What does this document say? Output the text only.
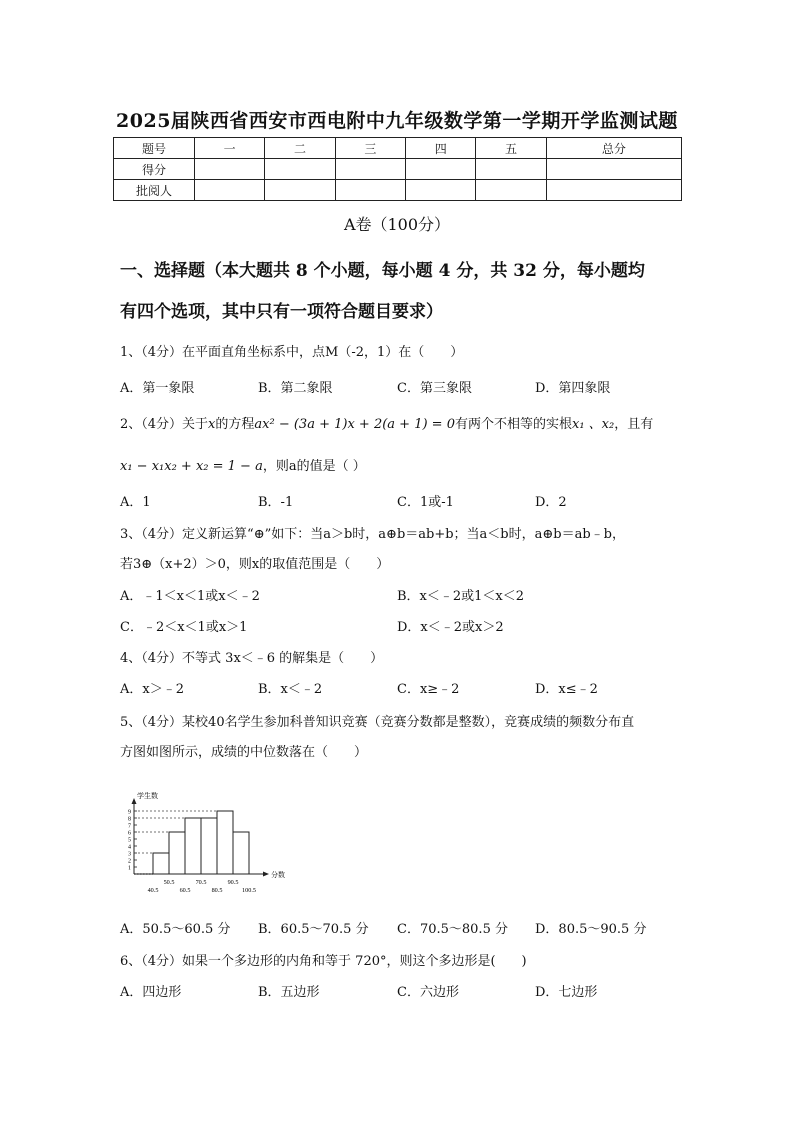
2025届陕西省西安市西电附中九年级数学第一学期开学监测试题
题号	一	二	三	四	五	总分
得分						
批阅人						
A卷（100分）
一、选择题（本大题共 8 个小题，每小题 4 分，共 32 分，每小题均
有四个选项，其中只有一项符合题目要求）
1、（4分）在平面直角坐标系中，点M（-2，1）在（　　）
A．第一象限	B．第二象限	C．第三象限	D．第四象限
2、（4分）关于x的方程ax² − (3a + 1)x + 2(a + 1) = 0有两个不相等的实根x₁ 、x₂，且有
x₁ − x₁x₂ + x₂ = 1 − a，则a的值是（ ）
A．1	B．-1	C．1或-1	D．2
3、（4分）定义新运算“⊕”如下：当a＞b时，a⊕b＝ab+b；当a＜b时，a⊕b＝ab﹣b，
若3⊕（x+2）＞0，则x的取值范围是（　　）
A．﹣1＜x＜1或x＜﹣2	B．x＜﹣2或1＜x＜2
C．﹣2＜x＜1或x＞1	D．x＜﹣2或x＞2
4、（4分）不等式 3x＜﹣6 的解集是（　　）
A．x＞﹣2	B．x＜﹣2	C．x≥﹣2	D．x≤﹣2
5、（4分）某校40名学生参加科普知识竞赛（竞赛分数都是整数），竞赛成绩的频数分布直
方图如图所示，成绩的中位数落在（　　）
学生数
分数
1
2
3
4
5
6
7
8
9
40.5
50.5
60.5
70.5
80.5
90.5
100.5
A．50.5～60.5 分 B．60.5～70.5 分 C．70.5～80.5 分 D．80.5～90.5 分
6、（4分）如果一个多边形的内角和等于 720°，则这个多边形是(　　)
A．四边形	B．五边形	C．六边形	D．七边形
